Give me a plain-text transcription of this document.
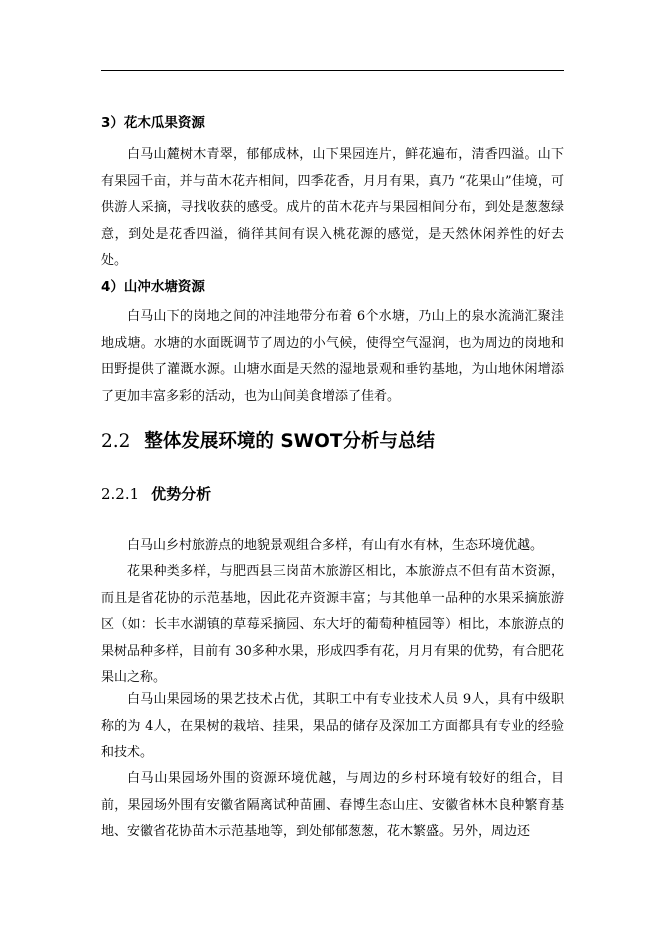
3）花木瓜果资源

白马山麓树木青翠，郁郁成林，山下果园连片，鲜花遍布，清香四溢。山下有果园千亩，并与苗木花卉相间，四季花香，月月有果，真乃 “花果山”佳境，可供游人采摘，寻找收获的感受。成片的苗木花卉与果园相间分布，到处是葱葱绿意，到处是花香四溢，徜徉其间有误入桃花源的感觉，是天然休闲养性的好去处。

4）山冲水塘资源

白马山下的岗地之间的冲洼地带分布着 6个水塘，乃山上的泉水流淌汇聚洼地成塘。水塘的水面既调节了周边的小气候，使得空气湿润，也为周边的岗地和田野提供了灌溉水源。山塘水面是天然的湿地景观和垂钓基地，为山地休闲增添了更加丰富多彩的活动，也为山间美食增添了佳肴。

2.2 整体发展环境的 SWOT分析与总结
2.2.1 优势分析

白马山乡村旅游点的地貌景观组合多样，有山有水有林，生态环境优越。

花果种类多样，与肥西县三岗苗木旅游区相比，本旅游点不但有苗木资源，而且是省花协的示范基地，因此花卉资源丰富；与其他单一品种的水果采摘旅游区（如：长丰水湖镇的草莓采摘园、东大圩的葡萄种植园等）相比，本旅游点的果树品种多样，目前有 30多种水果，形成四季有花，月月有果的优势，有合肥花果山之称。

白马山果园场的果艺技术占优，其职工中有专业技术人员 9人，具有中级职称的为 4人，在果树的栽培、挂果，果品的储存及深加工方面都具有专业的经验和技术。

白马山果园场外围的资源环境优越，与周边的乡村环境有较好的组合，目前，果园场外围有安徽省隔离试种苗圃、春博生态山庄、安徽省林木良种繁育基地、安徽省花协苗木示范基地等，到处郁郁葱葱，花木繁盛。另外，周边还
